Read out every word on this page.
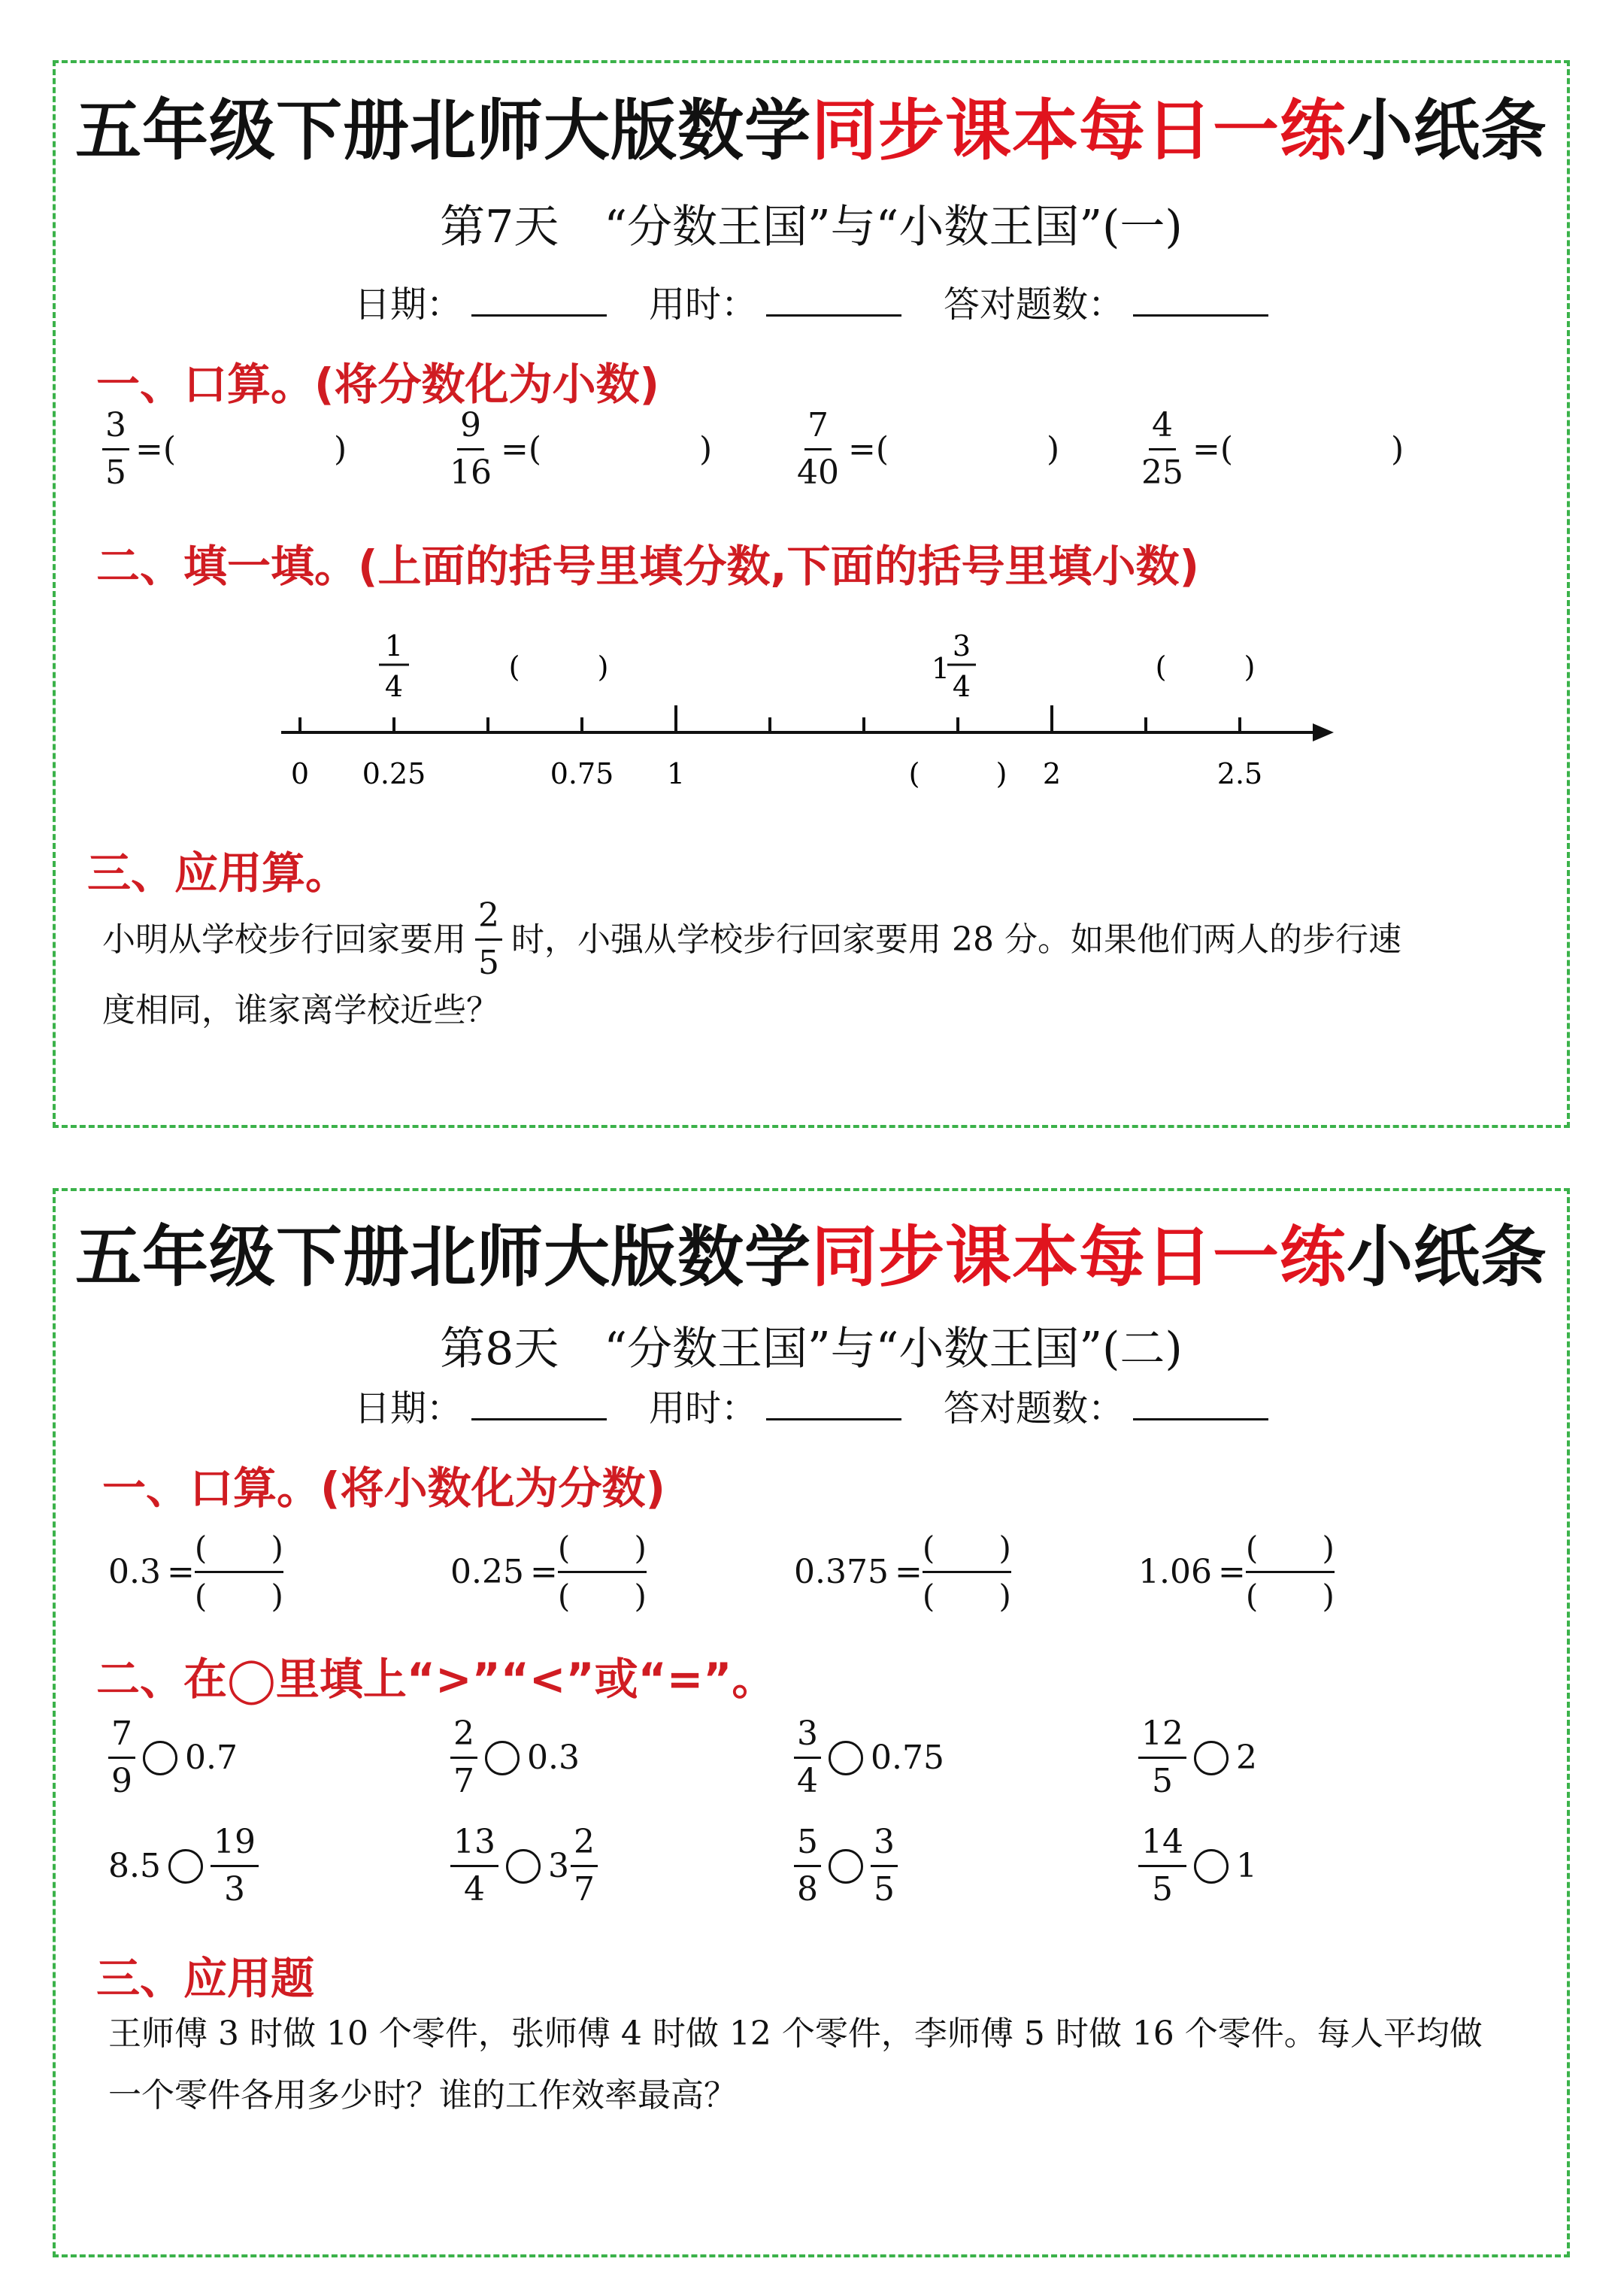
五年级下册北师大版数学同步课本每日一练小纸条
第7天　“分数王国”与“小数王国”(一)
日期：	用时：	答对题数：
一、口算。(将分数化为小数)
$\frac{3}{5}$ =(	)	$\frac{9}{16}$ =(	) $\frac{7}{40}$ =(	) $\frac{4}{25}$ =(	)
二、填一填。(上面的括号里填分数,下面的括号里填小数)
0 0.25	0.75 1	2	2.5
(	)
1
4
(	)	1
3
4
(	)
三、应用算。
小明从学校步行回家要用 $\frac{2}{5}$ 时，小强从学校步行回家要用 28 分。如果他们两人的步行速
度相同，谁家离学校近些？
五年级下册北师大版数学同步课本每日一练小纸条
第8天　“分数王国”与“小数王国”(二)
日期：	用时：	答对题数：
一、口算。(将小数化为分数)
0.3 =
( )
( )
0.25 =
( )
( )
0.375 =
( )
( )
1.06 =
( )
( )
二、在◯里填上“>”“<”或“=”。
$\frac{7}{9} 0.7$	$\frac{2}{7} 0.3$	$\frac{3}{4} 0.75$	$\frac{12}{5} 2$
$8.5 \frac{19}{3}$	$\frac{13}{4} 3 \frac{2}{7}$	$\frac{5}{8} \frac{3}{5}$	$\frac{14}{5} 1$
三、应用题
王师傅 3 时做 10 个零件，张师傅 4 时做 12 个零件，李师傅 5 时做 16 个零件。每人平均做
一个零件各用多少时？谁的工作效率最高？
